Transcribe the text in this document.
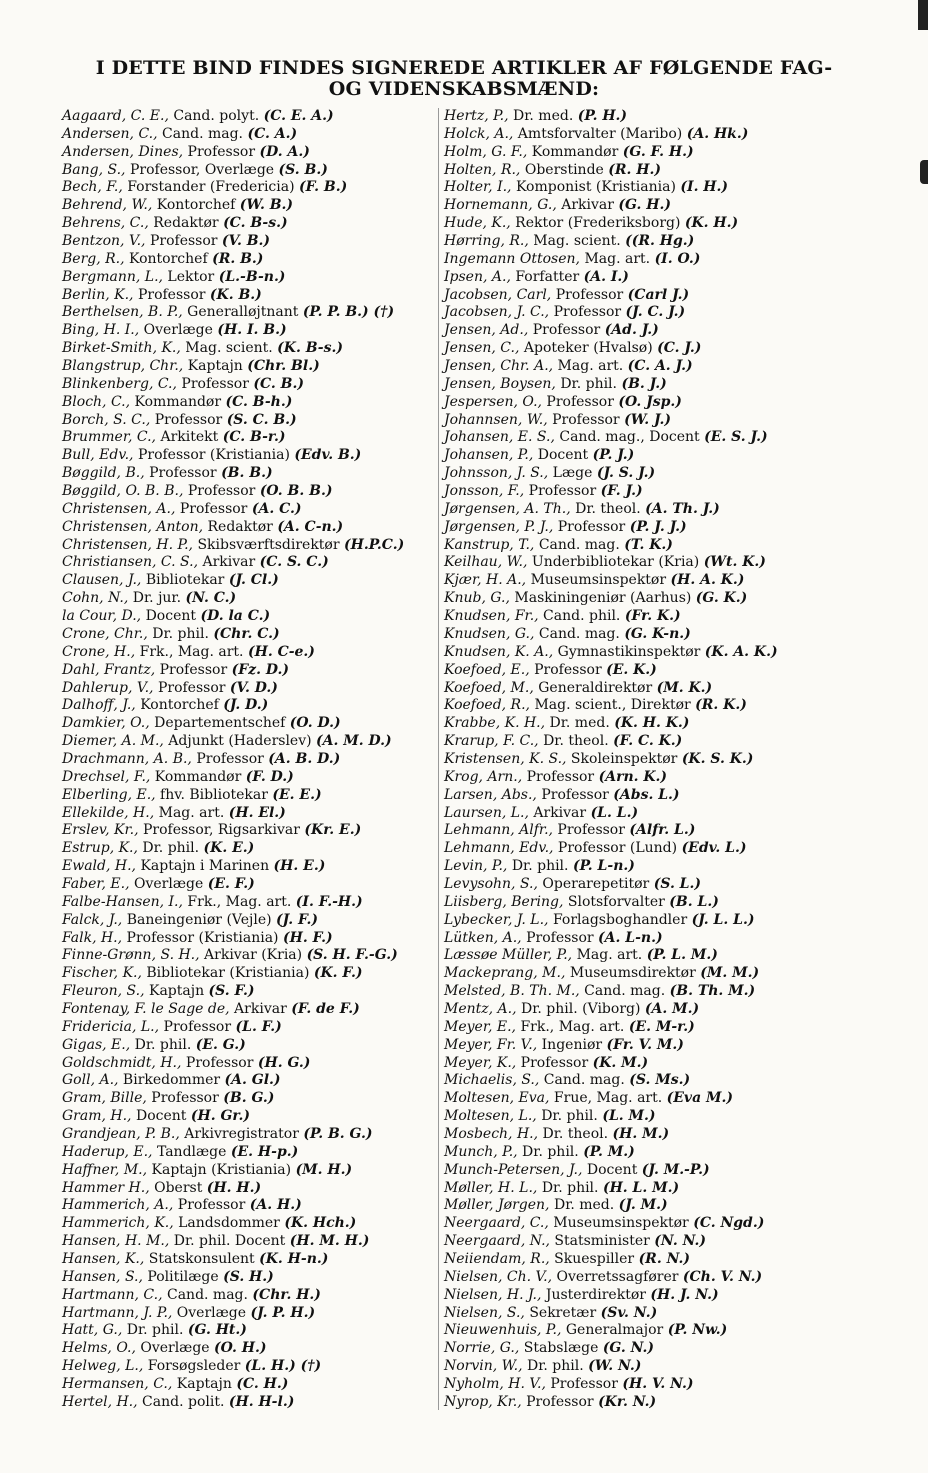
I DETTE BIND FINDES SIGNEREDE ARTIKLER AF FØLGENDE FAG-
OG VIDENSKABSMÆND:
Aagaard, C. E., Cand. polyt. (C. E. A.)
Andersen, C., Cand. mag. (C. A.)
Andersen, Dines, Professor (D. A.)
Bang, S., Professor, Overlæge (S. B.)
Bech, F., Forstander (Fredericia) (F. B.)
Behrend, W., Kontorchef (W. B.)
Behrens, C., Redaktør (C. B-s.)
Bentzon, V., Professor (V. B.)
Berg, R., Kontorchef (R. B.)
Bergmann, L., Lektor (L.-B-n.)
Berlin, K., Professor (K. B.)
Berthelsen, B. P., Generalløjtnant (P. P. B.) (†)
Bing, H. I., Overlæge (H. I. B.)
Birket-Smith, K., Mag. scient. (K. B-s.)
Blangstrup, Chr., Kaptajn (Chr. Bl.)
Blinkenberg, C., Professor (C. B.)
Bloch, C., Kommandør (C. B-h.)
Borch, S. C., Professor (S. C. B.)
Brummer, C., Arkitekt (C. B-r.)
Bull, Edv., Professor (Kristiania) (Edv. B.)
Bøggild, B., Professor (B. B.)
Bøggild, O. B. B., Professor (O. B. B.)
Christensen, A., Professor (A. C.)
Christensen, Anton, Redaktør (A. C-n.)
Christensen, H. P., Skibsværftsdirektør (H.P.C.)
Christiansen, C. S., Arkivar (C. S. C.)
Clausen, J., Bibliotekar (J. Cl.)
Cohn, N., Dr. jur. (N. C.)
la Cour, D., Docent (D. la C.)
Crone, Chr., Dr. phil. (Chr. C.)
Crone, H., Frk., Mag. art. (H. C-e.)
Dahl, Frantz, Professor (Fz. D.)
Dahlerup, V., Professor (V. D.)
Dalhoff, J., Kontorchef (J. D.)
Damkier, O., Departementschef (O. D.)
Diemer, A. M., Adjunkt (Haderslev) (A. M. D.)
Drachmann, A. B., Professor (A. B. D.)
Drechsel, F., Kommandør (F. D.)
Elberling, E., fhv. Bibliotekar (E. E.)
Ellekilde, H., Mag. art. (H. El.)
Erslev, Kr., Professor, Rigsarkivar (Kr. E.)
Estrup, K., Dr. phil. (K. E.)
Ewald, H., Kaptajn i Marinen (H. E.)
Faber, E., Overlæge (E. F.)
Falbe-Hansen, I., Frk., Mag. art. (I. F.-H.)
Falck, J., Baneingeniør (Vejle) (J. F.)
Falk, H., Professor (Kristiania) (H. F.)
Finne-Grønn, S. H., Arkivar (Kria) (S. H. F.-G.)
Fischer, K., Bibliotekar (Kristiania) (K. F.)
Fleuron, S., Kaptajn (S. F.)
Fontenay, F. le Sage de, Arkivar (F. de F.)
Fridericia, L., Professor (L. F.)
Gigas, E., Dr. phil. (E. G.)
Goldschmidt, H., Professor (H. G.)
Goll, A., Birkedommer (A. Gl.)
Gram, Bille, Professor (B. G.)
Gram, H., Docent (H. Gr.)
Grandjean, P. B., Arkivregistrator (P. B. G.)
Haderup, E., Tandlæge (E. H-p.)
Haffner, M., Kaptajn (Kristiania) (M. H.)
Hammer H., Oberst (H. H.)
Hammerich, A., Professor (A. H.)
Hammerich, K., Landsdommer (K. Hch.)
Hansen, H. M., Dr. phil. Docent (H. M. H.)
Hansen, K., Statskonsulent (K. H-n.)
Hansen, S., Politilæge (S. H.)
Hartmann, C., Cand. mag. (Chr. H.)
Hartmann, J. P., Overlæge (J. P. H.)
Hatt, G., Dr. phil. (G. Ht.)
Helms, O., Overlæge (O. H.)
Helweg, L., Forsøgsleder (L. H.) (†)
Hermansen, C., Kaptajn (C. H.)
Hertel, H., Cand. polit. (H. H-l.)
Hertz, P., Dr. med. (P. H.)
Holck, A., Amtsforvalter (Maribo) (A. Hk.)
Holm, G. F., Kommandør (G. F. H.)
Holten, R., Oberstinde (R. H.)
Holter, I., Komponist (Kristiania) (I. H.)
Hornemann, G., Arkivar (G. H.)
Hude, K., Rektor (Frederiksborg) (K. H.)
Hørring, R., Mag. scient. ((R. Hg.)
Ingemann Ottosen, Mag. art. (I. O.)
Ipsen, A., Forfatter (A. I.)
Jacobsen, Carl, Professor (Carl J.)
Jacobsen, J. C., Professor (J. C. J.)
Jensen, Ad., Professor (Ad. J.)
Jensen, C., Apoteker (Hvalsø) (C. J.)
Jensen, Chr. A., Mag. art. (C. A. J.)
Jensen, Boysen, Dr. phil. (B. J.)
Jespersen, O., Professor (O. Jsp.)
Johannsen, W., Professor (W. J.)
Johansen, E. S., Cand. mag., Docent (E. S. J.)
Johansen, P., Docent (P. J.)
Johnsson, J. S., Læge (J. S. J.)
Jonsson, F., Professor (F. J.)
Jørgensen, A. Th., Dr. theol. (A. Th. J.)
Jørgensen, P. J., Professor (P. J. J.)
Kanstrup, T., Cand. mag. (T. K.)
Keilhau, W., Underbibliotekar (Kria) (Wt. K.)
Kjær, H. A., Museumsinspektør (H. A. K.)
Knub, G., Maskiningeniør (Aarhus) (G. K.)
Knudsen, Fr., Cand. phil. (Fr. K.)
Knudsen, G., Cand. mag. (G. K-n.)
Knudsen, K. A., Gymnastikinspektør (K. A. K.)
Koefoed, E., Professor (E. K.)
Koefoed, M., Generaldirektør (M. K.)
Koefoed, R., Mag. scient., Direktør (R. K.)
Krabbe, K. H., Dr. med. (K. H. K.)
Krarup, F. C., Dr. theol. (F. C. K.)
Kristensen, K. S., Skoleinspektør (K. S. K.)
Krog, Arn., Professor (Arn. K.)
Larsen, Abs., Professor (Abs. L.)
Laursen, L., Arkivar (L. L.)
Lehmann, Alfr., Professor (Alfr. L.)
Lehmann, Edv., Professor (Lund) (Edv. L.)
Levin, P., Dr. phil. (P. L-n.)
Levysohn, S., Operarepetitør (S. L.)
Liisberg, Bering, Slotsforvalter (B. L.)
Lybecker, J. L., Forlagsboghandler (J. L. L.)
Lütken, A., Professor (A. L-n.)
Læssøe Müller, P., Mag. art. (P. L. M.)
Mackeprang, M., Museumsdirektør (M. M.)
Melsted, B. Th. M., Cand. mag. (B. Th. M.)
Mentz, A., Dr. phil. (Viborg) (A. M.)
Meyer, E., Frk., Mag. art. (E. M-r.)
Meyer, Fr. V., Ingeniør (Fr. V. M.)
Meyer, K., Professor (K. M.)
Michaelis, S., Cand. mag. (S. Ms.)
Moltesen, Eva, Frue, Mag. art. (Eva M.)
Moltesen, L., Dr. phil. (L. M.)
Mosbech, H., Dr. theol. (H. M.)
Munch, P., Dr. phil. (P. M.)
Munch-Petersen, J., Docent (J. M.-P.)
Møller, H. L., Dr. phil. (H. L. M.)
Møller, Jørgen, Dr. med. (J. M.)
Neergaard, C., Museumsinspektør (C. Ngd.)
Neergaard, N., Statsminister (N. N.)
Neiiendam, R., Skuespiller (R. N.)
Nielsen, Ch. V., Overretssagfører (Ch. V. N.)
Nielsen, H. J., Justerdirektør (H. J. N.)
Nielsen, S., Sekretær (Sv. N.)
Nieuwenhuis, P., Generalmajor (P. Nw.)
Norrie, G., Stabslæge (G. N.)
Norvin, W., Dr. phil. (W. N.)
Nyholm, H. V., Professor (H. V. N.)
Nyrop, Kr., Professor (Kr. N.)
